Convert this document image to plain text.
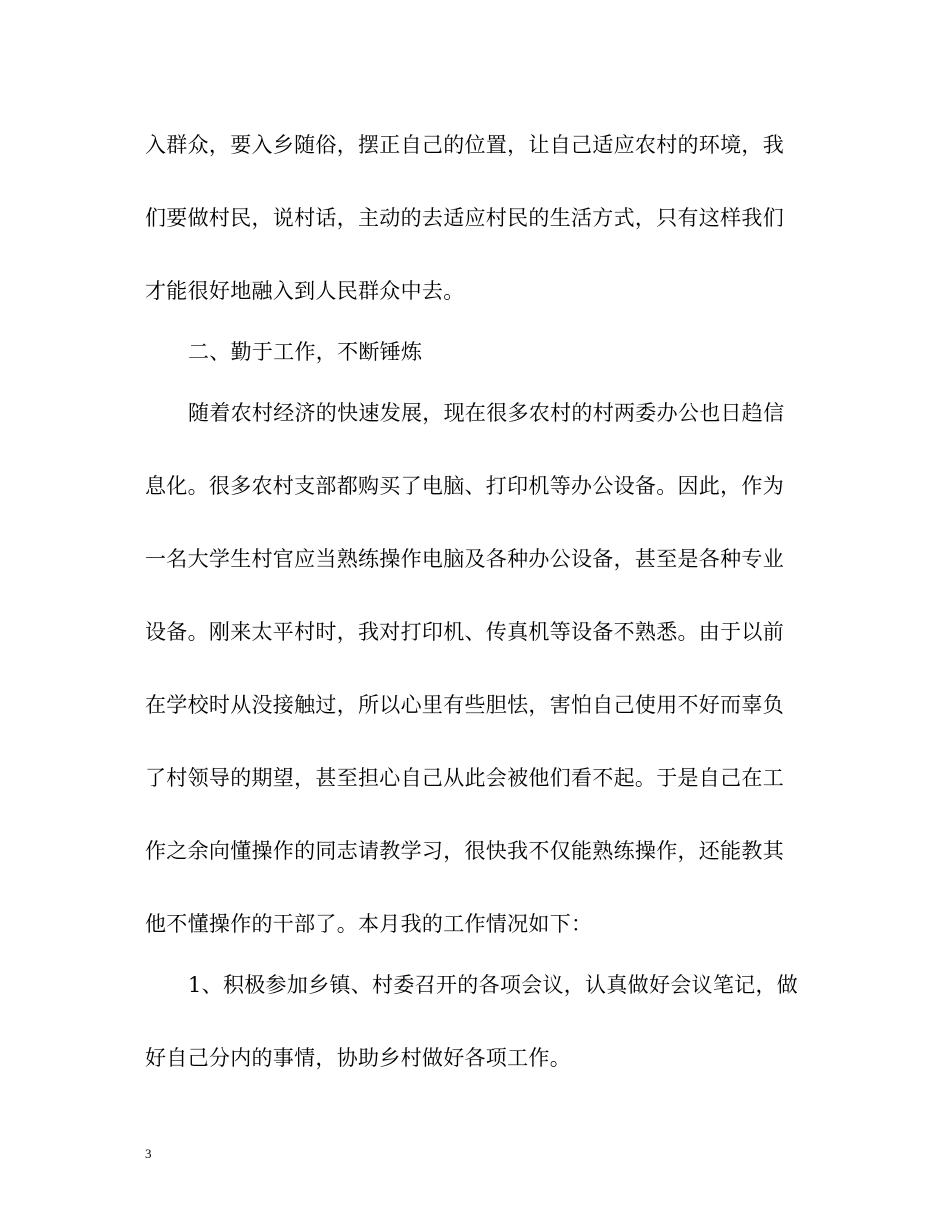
入群众，要入乡随俗，摆正自己的位置，让自己适应农村的环境，我
们要做村民，说村话，主动的去适应村民的生活方式，只有这样我们
才能很好地融入到人民群众中去。
二、勤于工作，不断锤炼
随着农村经济的快速发展，现在很多农村的村两委办公也日趋信
息化。很多农村支部都购买了电脑、打印机等办公设备。因此，作为
一名大学生村官应当熟练操作电脑及各种办公设备，甚至是各种专业
设备。刚来太平村时，我对打印机、传真机等设备不熟悉。由于以前
在学校时从没接触过，所以心里有些胆怯，害怕自己使用不好而辜负
了村领导的期望，甚至担心自己从此会被他们看不起。于是自己在工
作之余向懂操作的同志请教学习，很快我不仅能熟练操作，还能教其
他不懂操作的干部了。本月我的工作情况如下：
1、积极参加乡镇、村委召开的各项会议，认真做好会议笔记，做
好自己分内的事情，协助乡村做好各项工作。
3
